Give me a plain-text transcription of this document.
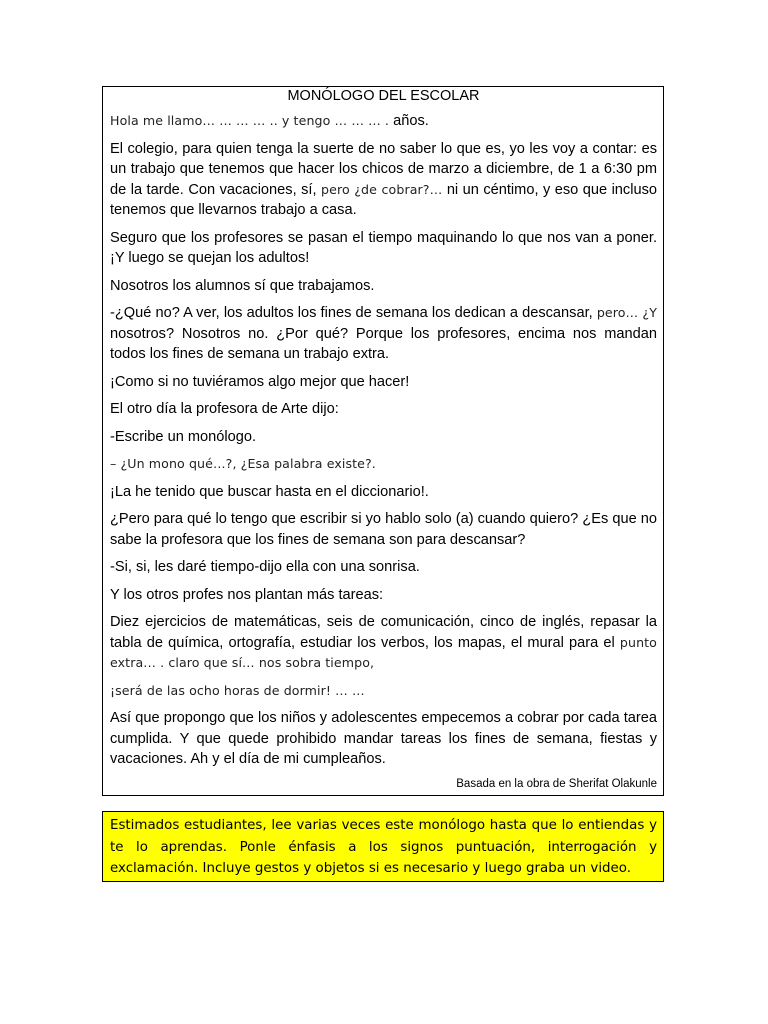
MONÓLOGO DEL ESCOLAR

Hola me llamo… … … … .. y tengo … … … . años.

El colegio, para quien tenga la suerte de no saber lo que es, yo les voy a contar: es un trabajo que tenemos que hacer los chicos de marzo a diciembre, de 1 a 6:30 pm de la tarde. Con vacaciones, sí, pero ¿de cobrar?… ni un céntimo, y eso que incluso tenemos que llevarnos trabajo a casa.

Seguro que los profesores se pasan el tiempo maquinando lo que nos van a poner. ¡Y luego se quejan los adultos!

Nosotros los alumnos sí que trabajamos.

-¿Qué no? A ver, los adultos los fines de semana los dedican a descansar, pero… ¿Y nosotros? Nosotros no. ¿Por qué? Porque los profesores, encima nos mandan todos los fines de semana un trabajo extra.

¡Como si no tuviéramos algo mejor que hacer!

El otro día la profesora de Arte dijo:

-Escribe un monólogo.

– ¿Un mono qué…?, ¿Esa palabra existe?.

¡La he tenido que buscar hasta en el diccionario!.

¿Pero para qué lo tengo que escribir si yo hablo solo (a) cuando quiero? ¿Es que no sabe la profesora que los fines de semana son para descansar?

-Si, si, les daré tiempo-dijo ella con una sonrisa.

Y los otros profes nos plantan más tareas:

Diez ejercicios de matemáticas, seis de comunicación, cinco de inglés, repasar la tabla de química, ortografía, estudiar los verbos, los mapas, el mural para el punto extra… . claro que sí… nos sobra tiempo,

¡será de las ocho horas de dormir! … …

Así que propongo que los niños y adolescentes empecemos a cobrar por cada tarea cumplida. Y que quede prohibido mandar tareas los fines de semana, fiestas y vacaciones. Ah y el día de mi cumpleaños.

Basada en la obra de Sherifat Olakunle
Estimados estudiantes, lee varias veces este monólogo hasta que lo entiendas y te lo aprendas. Ponle énfasis a los signos puntuación, interrogación y exclamación. Incluye gestos y objetos si es necesario y luego graba un video.
